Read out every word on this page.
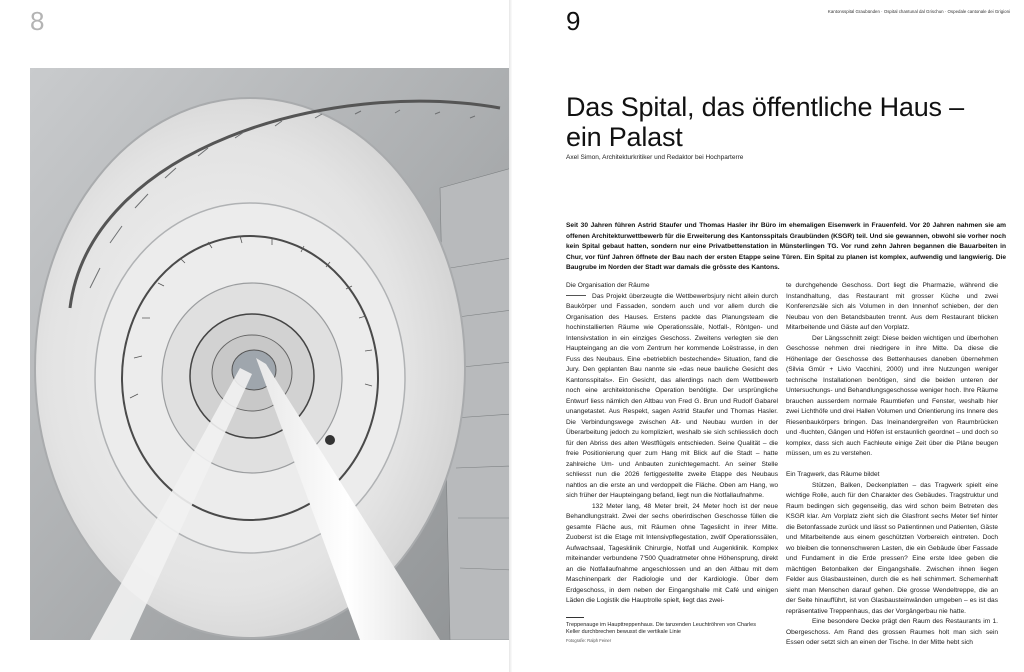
8	9	Kantonsspital Graubünden · Ospital chantunal dal Grischun · Ospedale cantonale dei Grigioni
Das Spital, das öffentliche Haus –
ein Palast
Axel Simon, Architekturkritiker und Redaktor bei Hochparterre
Seit 30 Jahren führen Astrid Staufer und Thomas Hasler ihr Büro im ehemaligen Eisenwerk in Frauenfeld. Vor 20 Jahren nahmen sie am offenen Architekturwettbewerb für die Erweiterung des Kantonsspitals Graubünden (KSGR) teil. Und sie gewannen, obwohl sie vorher noch kein Spital gebaut hatten, sondern nur eine Privatbettenstation in Münsterlingen TG. Vor rund zehn Jahren begannen die Bauarbeiten in Chur, vor fünf Jahren öffnete der Bau nach der ersten Etappe seine Türen. Ein Spital zu planen ist komplex, aufwendig und langwierig. Die Baugrube im Norden der Stadt war damals die grösste des Kantons.

Die Organisation der Räume

Das Projekt überzeugte die Wettbewerbsjury nicht allein durch Baukörper und Fassaden, sondern auch und vor allem durch die Organisation des Hauses. Erstens packte das Planungsteam die hochinstallierten Räume wie Operationssäle, Notfall-, Röntgen- und Intensivstation in ein einziges Geschoss. Zweitens verlegten sie den Haupteingang an die vom Zentrum her kommende Loëstrasse, in den Fuss des Neubaus. Eine «betrieblich bestechende» Situation, fand die Jury. Den geplanten Bau nannte sie «das neue bauliche Gesicht des Kantonsspitals». Ein Gesicht, das allerdings nach dem Wettbewerb noch eine architektonische Operation benötigte. Der ursprüngliche Entwurf liess nämlich den Altbau von Fred G. Brun und Rudolf Gabarel unangetastet. Aus Respekt, sagen Astrid Staufer und Thomas Hasler. Die Verbindungswege zwischen Alt- und Neubau wurden in der Überarbeitung jedoch zu kompliziert, weshalb sie sich schliesslich doch für den Abriss des alten Westflügels entschieden. Seine Qualität – die freie Positionierung quer zum Hang mit Blick auf die Stadt – hatte zahlreiche Um- und Anbauten zunichtegemacht. An seiner Stelle schliesst nun die 2026 fertiggestellte zweite Etappe des Neubaus nahtlos an die erste an und verdoppelt die Fläche. Oben am Hang, wo sich früher der Haupteingang befand, liegt nun die Notfallaufnahme.

132 Meter lang, 48 Meter breit, 24 Meter hoch ist der neue Behandlungstrakt. Zwei der sechs oberirdischen Geschosse füllen die gesamte Fläche aus, mit Räumen ohne Tageslicht in ihrer Mitte. Zuoberst ist die Etage mit Intensivpflegestation, zwölf Operationssälen, Aufwachsaal, Tagesklinik Chirurgie, Notfall und Augenklinik. Komplex miteinander verbundene 7'500 Quadratmeter ohne Höhensprung, direkt an die Notfallaufnahme angeschlossen und an den Altbau mit dem Maschinenpark der Radiologie und der Kardiologie. Über dem Erdgeschoss, in dem neben der Eingangshalle mit Café und einigen Läden die Logistik die Hauptrolle spielt, liegt das zwei-

te durchgehende Geschoss. Dort liegt die Pharmazie, während die Instandhaltung, das Restaurant mit grosser Küche und zwei Konferenzsäle sich als Volumen in den Innenhof schieben, der den Neubau von den Betandsbauten trennt. Aus dem Restaurant blicken Mitarbeitende und Gäste auf den Vorplatz.

Der Längsschnitt zeigt: Diese beiden wichtigen und überhohen Geschosse nehmen drei niedrigere in ihre Mitte. Da diese die Höhenlage der Geschosse des Bettenhauses daneben übernehmen (Silvia Gmür + Livio Vacchini, 2000) und ihre Nutzungen weniger technische Installationen benötigen, sind die beiden unteren der Untersuchungs- und Behandlungsgeschosse weniger hoch. Ihre Räume brauchen ausserdem normale Raumtiefen und Fenster, weshalb hier zwei Lichthöfe und drei Hallen Volumen und Orientierung ins Innere des Riesenbaukörpers bringen. Das Ineinandergreifen von Raumbrücken und -fluchten, Gängen und Höfen ist erstaunlich geordnet – und doch so komplex, dass sich auch Fachleute einige Zeit über die Pläne beugen müssen, um es zu verstehen.

Ein Tragwerk, das Räume bildet

Stützen, Balken, Deckenplatten – das Tragwerk spielt eine wichtige Rolle, auch für den Charakter des Gebäudes. Tragstruktur und Raum bedingen sich gegenseitig, das wird schon beim Betreten des KSGR klar. Am Vorplatz zieht sich die Glasfront sechs Meter tief hinter die Betonfassade zurück und lässt so Patientinnen und Patienten, Gäste und Mitarbeitende aus einem geschützten Vorbereich eintreten. Doch wo bleiben die tonnenschweren Lasten, die ein Gebäude über Fassade und Fundament in die Erde pressen? Eine erste Idee geben die mächtigen Betonbalken der Eingangshalle. Zwischen ihnen liegen Felder aus Glasbausteinen, durch die es hell schimmert. Schemenhaft sieht man Menschen darauf gehen. Die grosse Wendeltreppe, die an der Seite hinaufführt, ist von Glasbausteinwänden umgeben – es ist das repräsentative Treppenhaus, das der Vorgängerbau nie hatte.

Eine besondere Decke prägt den Raum des Restaurants im 1. Obergeschoss. Am Rand des grossen Raumes holt man sich sein Essen oder setzt sich an einen der Tische. In der Mitte hebt sich

Treppenauge im Haupttreppenhaus. Die tanzenden Leuchtröhren von Charles Keller durchbrechen bewusst die vertikale Linie

Fotografie: Ralph Feiner
